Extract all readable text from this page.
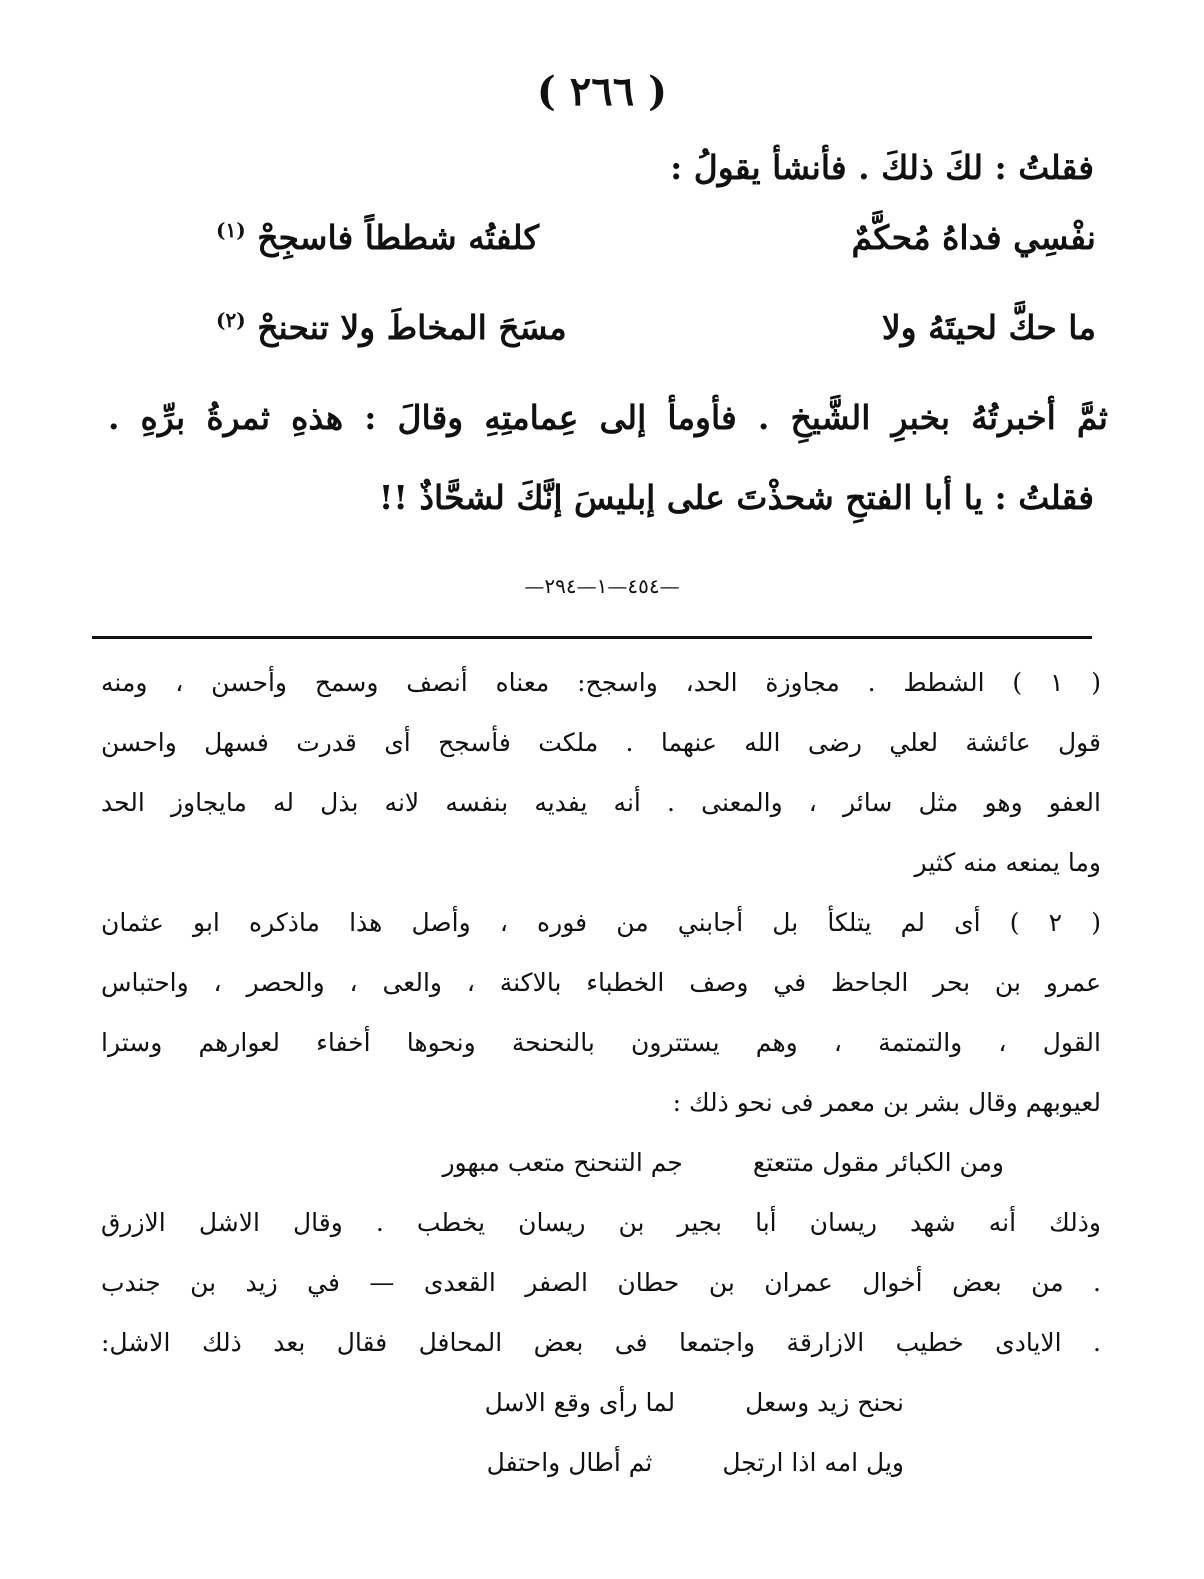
( ٢٦٦ )
فقلتُ : لكَ ذلكَ . فأنشأ يقولُ :
نفْسِي فداهُ مُحكَّمٌ
كلفتُه شططاً فاسجِحْ $^{(١)}$
ما حكَّ لحيتَهُ ولا
مسَحَ المخاطَ ولا تنحنحْ $^{(٢)}$
ثمَّ أخبرتُهُ بخبرِ الشَّيخِ . فأومأ إلى عِمامتِهِ وقالَ : هذهِ ثمرةُ برِّهِ .
فقلتُ : يا أبا الفتحِ شحذْتَ على إبليسَ إنَّكَ لشحَّاذٌ !!
—٤٥٤—١—٢٩٤—
( ١ ) الشطط . مجاوزة الحد، واسجح: معناه أنصف وسمح وأحسن ، ومنه
قول عائشة لعلي رضى الله عنهما . ملكت فأسجح أى قدرت فسهل واحسن
العفو وهو مثل سائر ، والمعنى . أنه يفديه بنفسه لانه بذل له مايجاوز الحد
وما يمنعه منه كثير
( ٢ ) أى لم يتلكأ بل أجابني من فوره ، وأصل هذا ماذكره ابو عثمان
عمرو بن بحر الجاحظ في وصف الخطباء بالاكنة ، والعى ، والحصر ، واحتباس
القول ، والتمتمة ، وهم يستترون بالنحنحة ونحوها أخفاء لعوارهم وسترا
لعيوبهم وقال بشر بن معمر فى نحو ذلك :
ومن الكبائر مقول متتعتع
جم التنحنح متعب مبهور
وذلك أنه شهد ريسان أبا بجير بن ريسان يخطب . وقال الاشل الازرق
. من بعض أخوال عمران بن حطان الصفر القعدى — في زيد بن جندب
. الايادى خطيب الازارقة واجتمعا فى بعض المحافل فقال بعد ذلك الاشل:
نحنح زيد وسعل
لما رأى وقع الاسل
ويل امه اذا ارتجل
ثم أطال واحتفل
